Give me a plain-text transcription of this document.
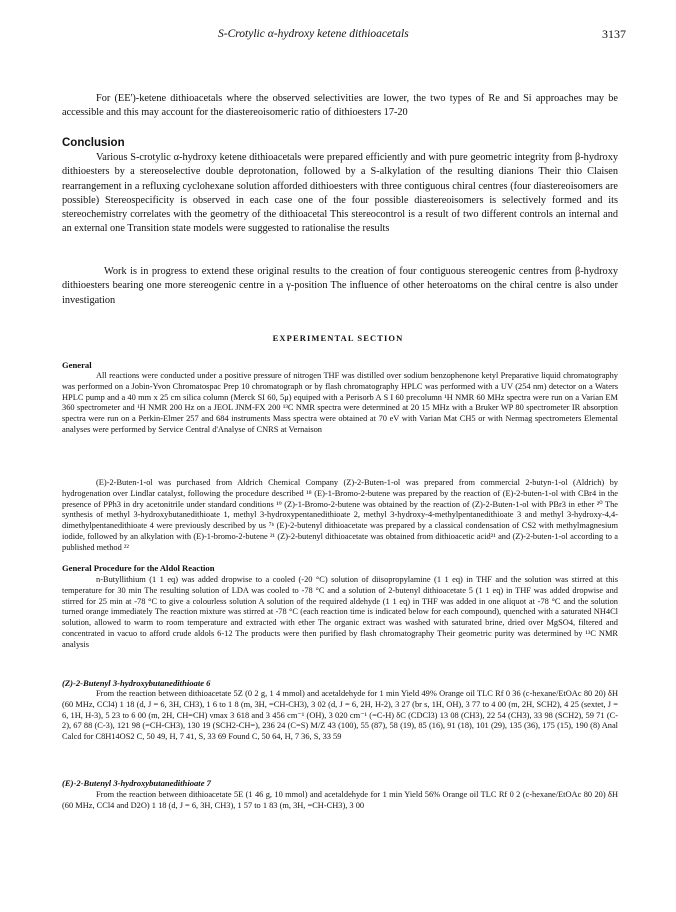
S-Crotylic α-hydroxy ketene dithioacetals	3137
For (EE')-ketene dithioacetals where the observed selectivities are lower, the two types of Re and Si approaches may be accessible and this may account for the diastereoisomeric ratio of dithioesters 17-20
Conclusion
Various S-crotylic α-hydroxy ketene dithioacetals were prepared efficiently and with pure geometric integrity from β-hydroxy dithioesters by a stereoselective double deprotonation, followed by a S-alkylation of the resulting dianions Their thio Claisen rearrangement in a refluxing cyclohexane solution afforded dithioesters with three contiguous chiral centres (four diastereoisomers are possible) Stereospecificity is observed in each case one of the four possible diastereoisomers is selectively formed and its stereochemistry correlates with the geometry of the dithioacetal This stereocontrol is a result of two different controls an internal and an external one Transition state models were suggested to rationalise the results
Work is in progress to extend these original results to the creation of four contiguous stereogenic centres from β-hydroxy dithioesters bearing one more stereogenic centre in a γ-position The influence of other heteroatoms on the chiral centre is also under investigation
EXPERIMENTAL SECTION
General
All reactions were conducted under a positive pressure of nitrogen THF was distilled over sodium benzophenone ketyl Preparative liquid chromatography was performed on a Jobin-Yvon Chromatospac Prep 10 chromatograph or by flash chromatography HPLC was performed with a UV (254 nm) detector on a Waters HPLC pump and a 40 mm x 25 cm silica column (Merck SI 60, 5μ) equiped with a Perisorb A S I 60 precolumn ¹H NMR 60 MHz spectra were run on a Varian EM 360 spectrometer and ¹H NMR 200 Hz on a JEOL JNM-FX 200 ¹³C NMR spectra were determined at 20 15 MHz with a Bruker WP 80 spectrometer IR absorption spectra were run on a Perkin-Elmer 257 and 684 instruments Mass spectra were obtained at 70 eV with Varian Mat CH5 or with Nermag spectrometers Elemental analyses were performed by Service Central d'Analyse of CNRS at Vernaison
(E)-2-Buten-1-ol was purchased from Aldrich Chemical Company (Z)-2-Buten-1-ol was prepared from commercial 2-butyn-1-ol (Aldrich) by hydrogenation over Lindlar catalyst, following the procedure described ¹⁸ (E)-1-Bromo-2-butene was prepared by the reaction of (E)-2-buten-1-ol with CBr4 in the presence of PPh3 in dry acetonitrile under standard conditions ¹⁹ (Z)-1-Bromo-2-butene was obtained by the reaction of (Z)-2-Buten-1-ol with PBr3 in ether ²⁰ The synthesis of methyl 3-hydroxybutanedithioate 1, methyl 3-hydroxypentanedithioate 2, methyl 3-hydroxy-4-methylpentanedithioate 3 and methyl 3-hydroxy-4,4-dimethylpentanedithioate 4 were previously described by us ⁷ᵇ (E)-2-butenyl dithioacetate was prepared by a classical condensation of CS2 with methylmagnesium iodide, followed by an alkylation with (E)-1-bromo-2-butene ²¹ (Z)-2-butenyl dithioacetate was obtained from dithioacetic acid²¹ and (Z)-2-buten-1-ol according to a published method ²²
General Procedure for the Aldol Reaction
n-Butyllithium (1 1 eq) was added dropwise to a cooled (-20 °C) solution of diisopropylamine (1 1 eq) in THF and the solution was stirred at this temperature for 30 min The resulting solution of LDA was cooled to -78 °C and a solution of 2-butenyl dithioacetate 5 (1 1 eq) in THF was added dropwise and stirred for 25 min at -78 °C to give a colourless solution A solution of the required aldehyde (1 1 eq) in THF was added in one aliquot at -78 °C and the solution turned orange immediately The reaction mixture was stirred at -78 °C (each reaction time is indicated below for each compound), quenched with a saturated NH4Cl solution, allowed to warm to room temperature and extracted with ether The organic extract was washed with saturated brine, dried over MgSO4, filtered and concentrated in vacuo to afford crude aldols 6-12 The products were then purified by flash chromatography Their geometric purity was determined by ¹³C NMR analysis
(Z)-2-Butenyl 3-hydroxybutanedithioate 6
From the reaction between dithioacetate 5Z (0 2 g, 1 4 mmol) and acetaldehyde for 1 min Yield 49% Orange oil TLC Rf 0 36 (c-hexane/EtOAc 80 20) δH (60 MHz, CCl4) 1 18 (d, J = 6, 3H, CH3), 1 6 to 1 8 (m, 3H, =CH-CH3), 3 02 (d, J = 6, 2H, H-2), 3 27 (br s, 1H, OH), 3 77 to 4 00 (m, 2H, SCH2), 4 25 (sextet, J = 6, 1H, H-3), 5 23 to 6 00 (m, 2H, CH=CH) νmax 3 618 and 3 456 cm⁻¹ (OH), 3 020 cm⁻¹ (=C-H) δC (CDCl3) 13 08 (CH3), 22 54 (CH3), 33 98 (SCH2), 59 71 (C-2), 67 88 (C-3), 121 98 (=CH-CH3), 130 19 (SCH2-CH=), 236 24 (C=S) M/Z 43 (100), 55 (87), 58 (19), 85 (16), 91 (18), 101 (29), 135 (36), 175 (15), 190 (8) Anal Calcd for C8H14OS2 C, 50 49, H, 7 41, S, 33 69 Found C, 50 64, H, 7 36, S, 33 59
(E)-2-Butenyl 3-hydroxybutanedithioate 7
From the reaction between dithioacetate 5E (1 46 g, 10 mmol) and acetaldehyde for 1 min Yield 56% Orange oil TLC Rf 0 2 (c-hexane/EtOAc 80 20) δH (60 MHz, CCl4 and D2O) 1 18 (d, J = 6, 3H, CH3), 1 57 to 1 83 (m, 3H, =CH-CH3), 3 00
